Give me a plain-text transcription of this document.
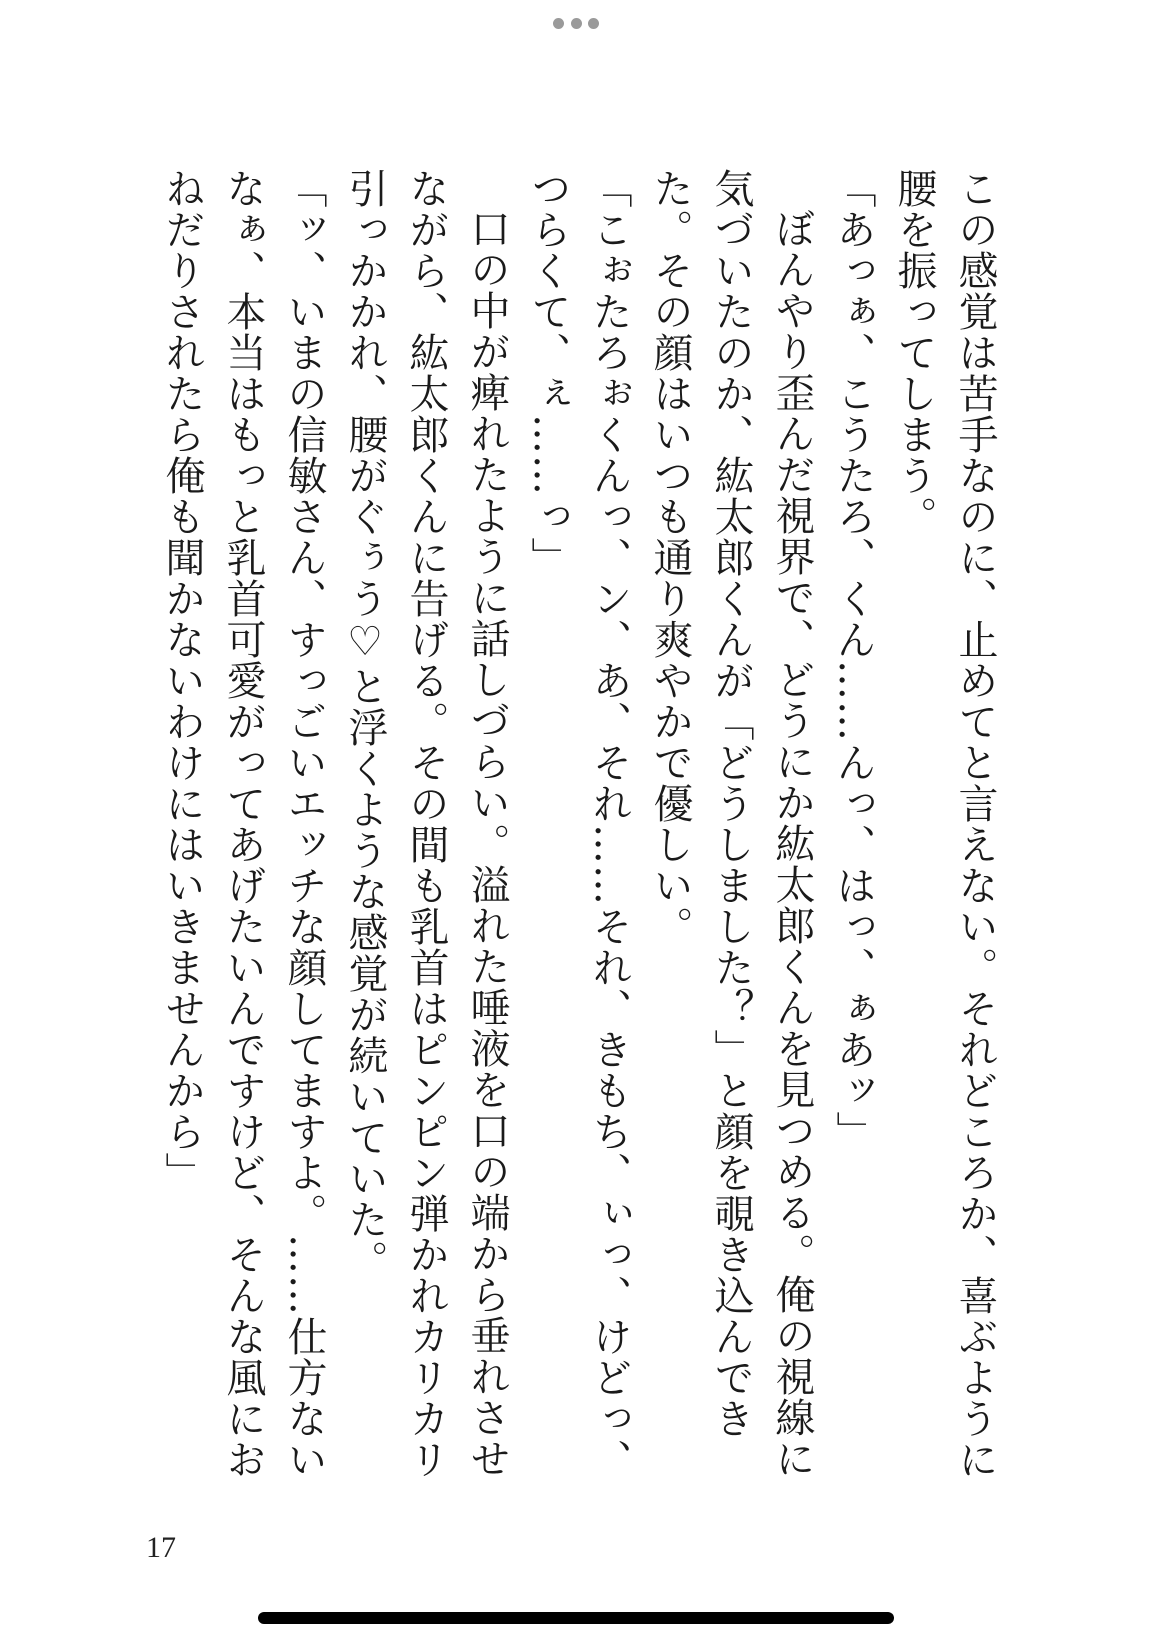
この感覚は苦手なのに、止めてと言えない。それどころか、喜ぶように腰を振ってしまう。

「あっぁ、こうたろ、くん……んっ、はっ、ぁあッ」

ぼんやり歪んだ視界で、どうにか紘太郎くんを見つめる。俺の視線に気づいたのか、紘太郎くんが「どうしました？」と顔を覗き込んできた。その顔はいつも通り爽やかで優しい。

「こぉたろぉくんっ、ン、あ、それ……それ、きもち、ぃっ、けどっ、つらくて、ぇ……っ」

口の中が痺れたように話しづらい。溢れた唾液を口の端から垂れさせながら、紘太郎くんに告げる。その間も乳首はピンピン弾かれカリカリ引っかかれ、腰がぐぅう♡と浮くような感覚が続いていた。

「ッ、いまの信敏さん、すっごいエッチな顔してますよ。……仕方ないなぁ、本当はもっと乳首可愛がってあげたいんですけど、そんな風におねだりされたら俺も聞かないわけにはいきませんから」

17
